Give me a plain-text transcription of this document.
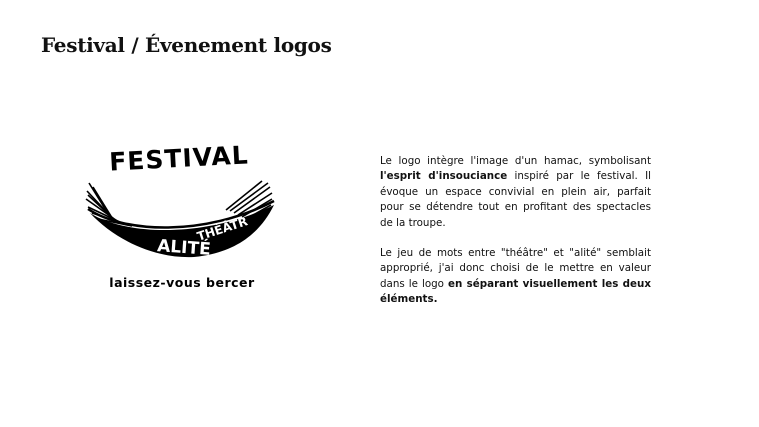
Festival / Évenement logos
FESTIVAL
THÉÂTR
ALITÉ
laissez-vous bercer

Le logo intègre l'image d'un hamac, symbolisant l'esprit d'insouciance inspiré par le festival. Il évoque un espace convivial en plein air, parfait pour se détendre tout en profitant des spectacles de la troupe.

Le jeu de mots entre "théâtre" et "alité" semblait approprié, j'ai donc choisi de le mettre en valeur dans le logo en séparant visuellement les deux éléments.
